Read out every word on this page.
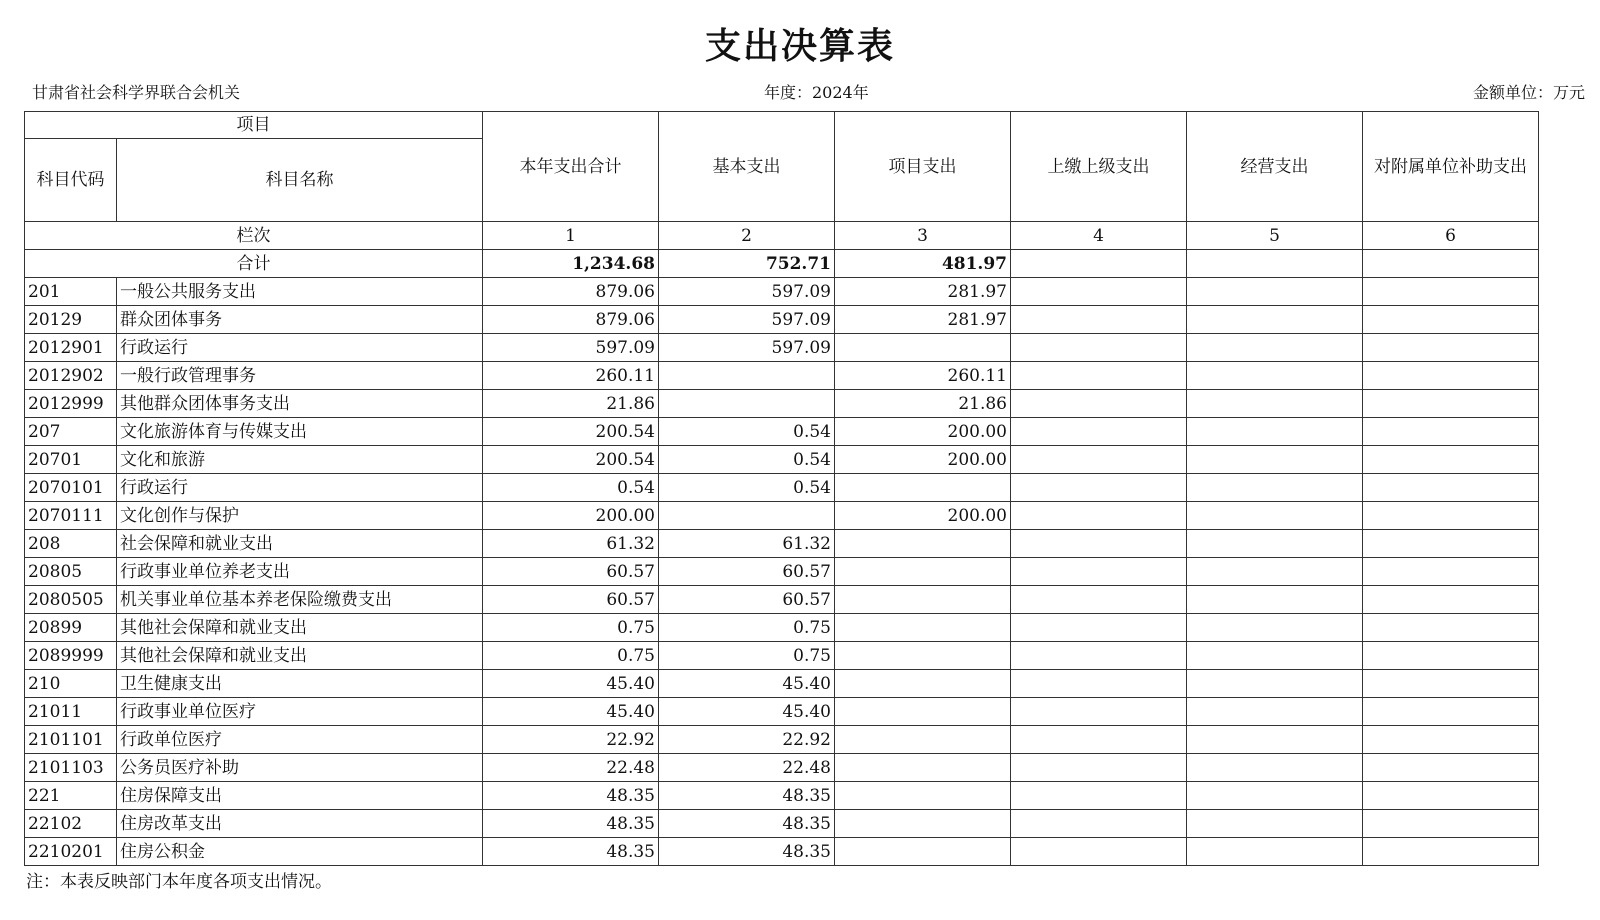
支出决算表
甘肃省社会科学界联合会机关	年度：2024年	金额单位：万元
项目		本年支出合计	基本支出	项目支出	上缴上级支出	经营支出	对附属单位补助支出
科目代码	科目名称						
栏次		1	2	3	4	5	6
合计		1,234.68	752.71	481.97			
201	一般公共服务支出	879.06	597.09	281.97			
20129	群众团体事务	879.06	597.09	281.97			
2012901	行政运行	597.09	597.09				
2012902	一般行政管理事务	260.11		260.11			
2012999	其他群众团体事务支出	21.86		21.86			
207	文化旅游体育与传媒支出	200.54	0.54	200.00			
20701	文化和旅游	200.54	0.54	200.00			
2070101	行政运行	0.54	0.54				
2070111	文化创作与保护	200.00		200.00			
208	社会保障和就业支出	61.32	61.32				
20805	行政事业单位养老支出	60.57	60.57				
2080505	机关事业单位基本养老保险缴费支出	60.57	60.57				
20899	其他社会保障和就业支出	0.75	0.75				
2089999	其他社会保障和就业支出	0.75	0.75				
210	卫生健康支出	45.40	45.40				
21011	行政事业单位医疗	45.40	45.40				
2101101	行政单位医疗	22.92	22.92				
2101103	公务员医疗补助	22.48	22.48				
221	住房保障支出	48.35	48.35				
22102	住房改革支出	48.35	48.35				
2210201	住房公积金	48.35	48.35				
注：本表反映部门本年度各项支出情况。
